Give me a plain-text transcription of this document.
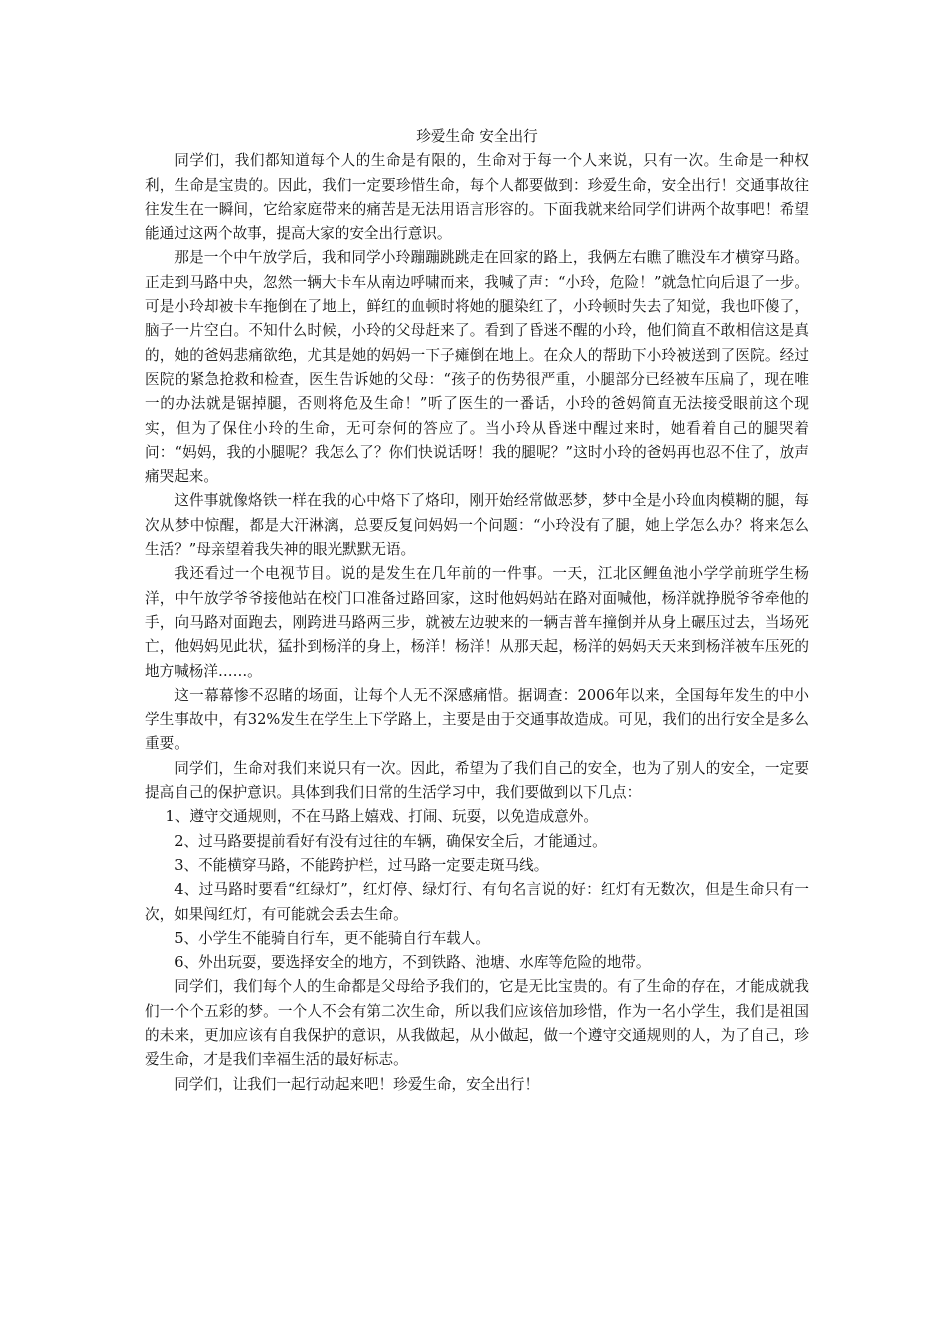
珍爱生命 安全出行

同学们，我们都知道每个人的生命是有限的，生命对于每一个人来说，只有一次。生命是一种权利，生命是宝贵的。因此，我们一定要珍惜生命，每个人都要做到：珍爱生命，安全出行！交通事故往往发生在一瞬间，它给家庭带来的痛苦是无法用语言形容的。下面我就来给同学们讲两个故事吧！希望能通过这两个故事，提高大家的安全出行意识。

那是一个中午放学后，我和同学小玲蹦蹦跳跳走在回家的路上，我俩左右瞧了瞧没车才横穿马路。正走到马路中央，忽然一辆大卡车从南边呼啸而来，我喊了声：“小玲，危险！”就急忙向后退了一步。可是小玲却被卡车拖倒在了地上，鲜红的血顿时将她的腿染红了，小玲顿时失去了知觉，我也吓傻了，脑子一片空白。不知什么时候，小玲的父母赶来了。看到了昏迷不醒的小玲，他们简直不敢相信这是真的，她的爸妈悲痛欲绝，尤其是她的妈妈一下子瘫倒在地上。在众人的帮助下小玲被送到了医院。经过医院的紧急抢救和检查，医生告诉她的父母：“孩子的伤势很严重，小腿部分已经被车压扁了，现在唯一的办法就是锯掉腿，否则将危及生命！”听了医生的一番话，小玲的爸妈简直无法接受眼前这个现实，但为了保住小玲的生命，无可奈何的答应了。当小玲从昏迷中醒过来时，她看着自己的腿哭着问：“妈妈，我的小腿呢？我怎么了？你们快说话呀！我的腿呢？”这时小玲的爸妈再也忍不住了，放声痛哭起来。

这件事就像烙铁一样在我的心中烙下了烙印，刚开始经常做恶梦，梦中全是小玲血肉模糊的腿，每次从梦中惊醒，都是大汗淋漓，总要反复问妈妈一个问题：“小玲没有了腿，她上学怎么办？将来怎么生活？”母亲望着我失神的眼光默默无语。

我还看过一个电视节目。说的是发生在几年前的一件事。一天，江北区鲤鱼池小学学前班学生杨洋，中午放学爷爷接他站在校门口准备过路回家，这时他妈妈站在路对面喊他，杨洋就挣脱爷爷牵他的手，向马路对面跑去，刚跨进马路两三步，就被左边驶来的一辆吉普车撞倒并从身上碾压过去，当场死亡，他妈妈见此状，猛扑到杨洋的身上，杨洋！杨洋！从那天起，杨洋的妈妈天天来到杨洋被车压死的地方喊杨洋……。

这一幕幕惨不忍睹的场面，让每个人无不深感痛惜。据调查：2006年以来，全国每年发生的中小学生事故中，有32%发生在学生上下学路上，主要是由于交通事故造成。可见，我们的出行安全是多么重要。

同学们，生命对我们来说只有一次。因此，希望为了我们自己的安全，也为了别人的安全，一定要提高自己的保护意识。具体到我们日常的生活学习中，我们要做到以下几点：

1、遵守交通规则，不在马路上嬉戏、打闹、玩耍，以免造成意外。

2、过马路要提前看好有没有过往的车辆，确保安全后，才能通过。

3、不能横穿马路，不能跨护栏，过马路一定要走斑马线。

4、过马路时要看“红绿灯”，红灯停、绿灯行、有句名言说的好：红灯有无数次，但是生命只有一次，如果闯红灯，有可能就会丢去生命。

5、小学生不能骑自行车，更不能骑自行车载人。

6、外出玩耍，要选择安全的地方，不到铁路、池塘、水库等危险的地带。

同学们，我们每个人的生命都是父母给予我们的，它是无比宝贵的。有了生命的存在，才能成就我们一个个五彩的梦。一个人不会有第二次生命，所以我们应该倍加珍惜，作为一名小学生，我们是祖国的未来，更加应该有自我保护的意识，从我做起，从小做起，做一个遵守交通规则的人，为了自己，珍爱生命，才是我们幸福生活的最好标志。

同学们，让我们一起行动起来吧！珍爱生命，安全出行！
